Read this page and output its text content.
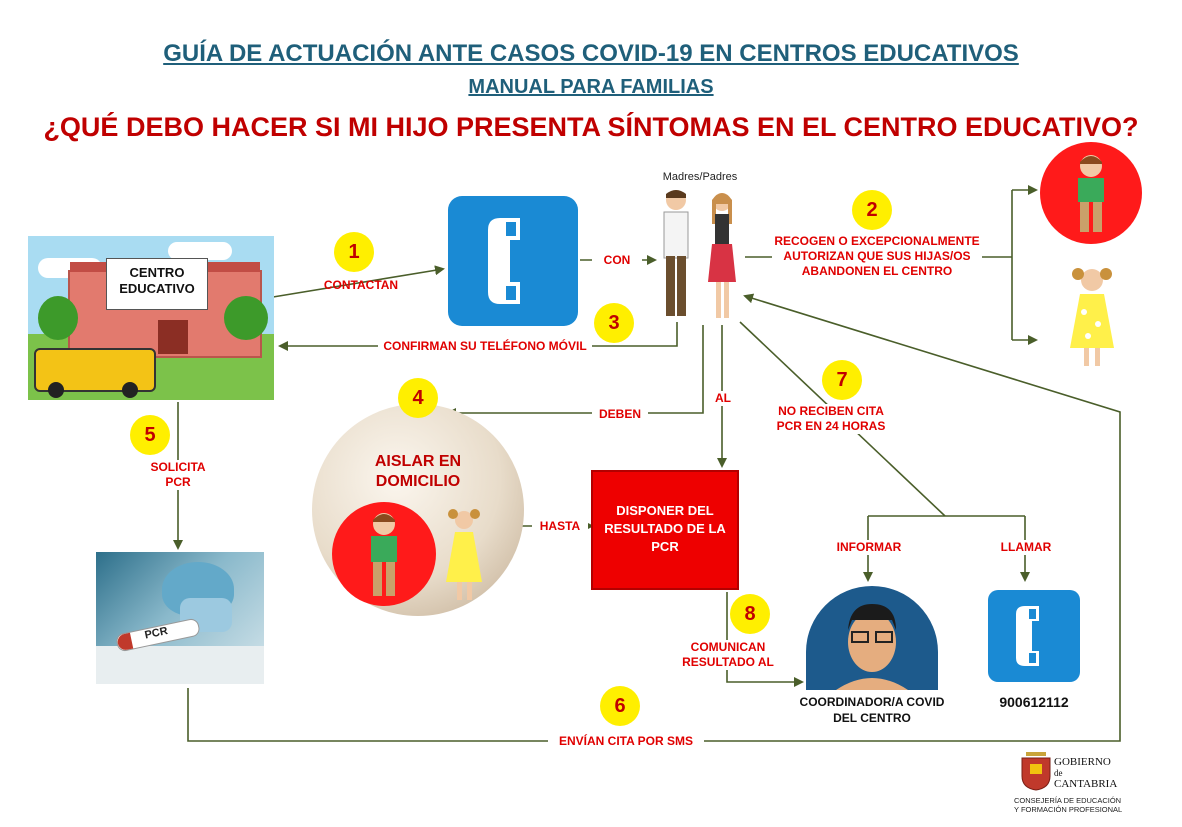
GUÍA DE ACTUACIÓN ANTE CASOS COVID-19 EN CENTROS EDUCATIVOS
MANUAL PARA FAMILIAS
¿QUÉ DEBO HACER SI MI HIJO PRESENTA SÍNTOMAS EN EL CENTRO EDUCATIVO?
CENTRO EDUCATIVO
Madres/Padres
AISLAR EN DOMICILIO
DISPONER DEL RESULTADO DE LA PCR
PCR
COORDINADOR/A COVID DEL CENTRO
900612112
1
2
3
4
5
6
7
8
CONTACTAN
CON
RECOGEN O EXCEPCIONALMENTE AUTORIZAN QUE SUS HIJAS/OS ABANDONEN EL CENTRO
CONFIRMAN SU TELÉFONO MÓVIL
DEBEN
AL
NO RECIBEN CITA PCR EN 24 HORAS
HASTA
SOLICITA PCR
INFORMAR	LLAMAR
COMUNICAN RESULTADO AL
ENVÍAN CITA POR SMS
GOBIERNO
de
CANTABRIA
CONSEJERÍA DE EDUCACIÓN Y FORMACIÓN PROFESIONAL
